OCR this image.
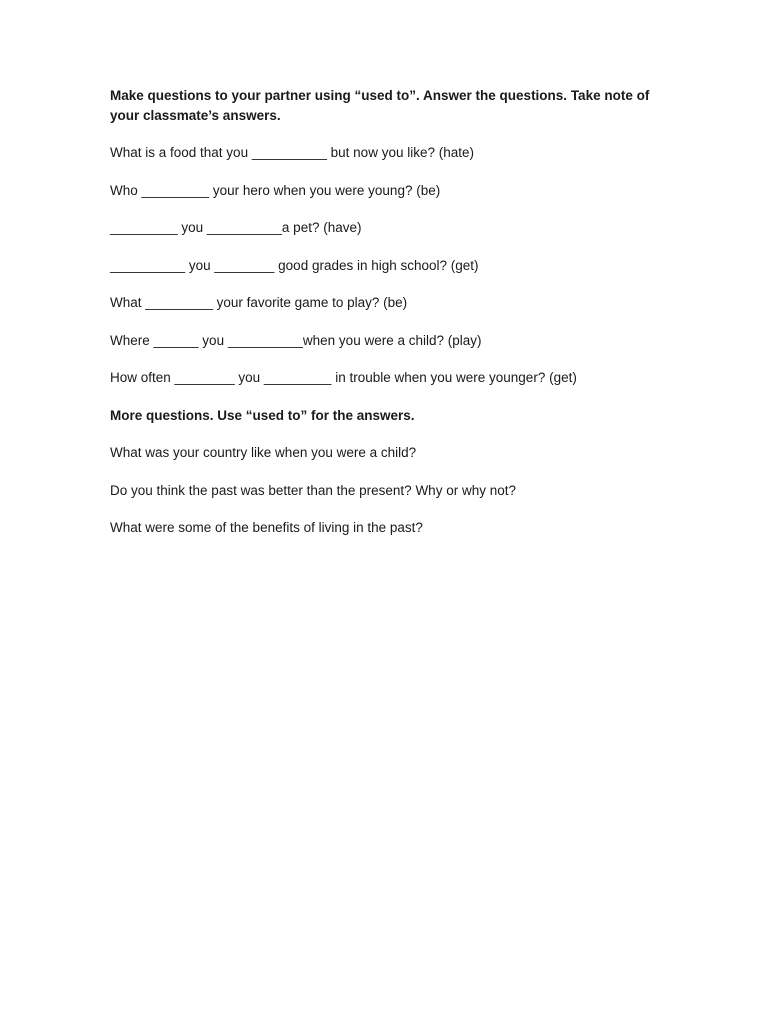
Make questions to your partner using “used to”. Answer the questions. Take note of your classmate’s answers.

What is a food that you __________ but now you like? (hate)

Who _________ your hero when you were young? (be)

_________ you __________a pet? (have)

__________ you ________ good grades in high school? (get)

What _________ your favorite game to play? (be)

Where ______ you __________when you were a child? (play)

How often ________ you _________ in trouble when you were younger? (get)

More questions. Use “used to” for the answers.

What was your country like when you were a child?

Do you think the past was better than the present? Why or why not?

What were some of the benefits of living in the past?
